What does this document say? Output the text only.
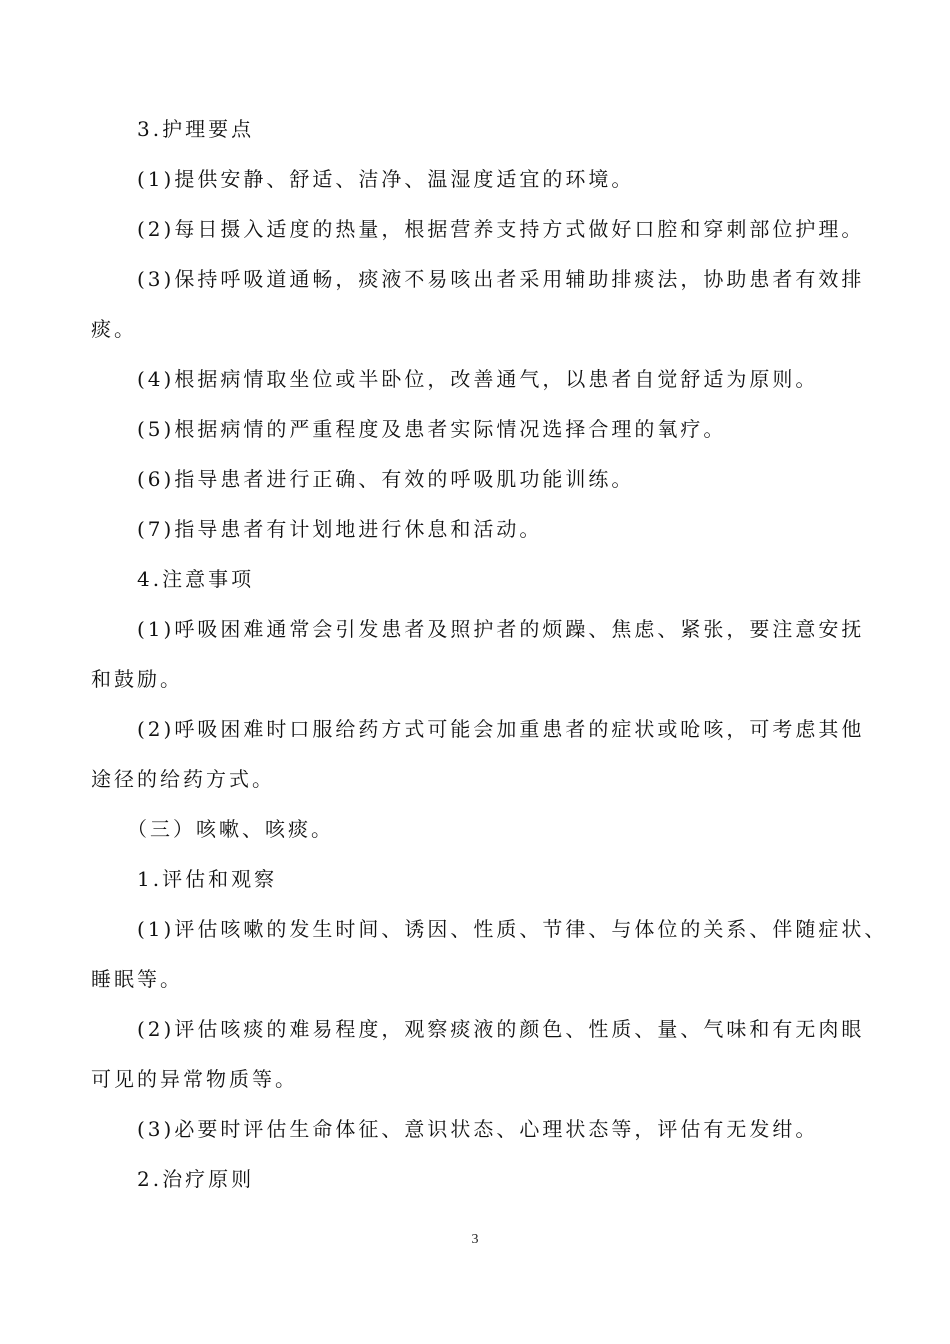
3.护理要点
(1)提供安静、舒适、洁净、温湿度适宜的环境。
(2)每日摄入适度的热量，根据营养支持方式做好口腔和穿刺部位护理。
(3)保持呼吸道通畅，痰液不易咳出者采用辅助排痰法，协助患者有效排
痰。
(4)根据病情取坐位或半卧位，改善通气，以患者自觉舒适为原则。
(5)根据病情的严重程度及患者实际情况选择合理的氧疗。
(6)指导患者进行正确、有效的呼吸肌功能训练。
(7)指导患者有计划地进行休息和活动。
4.注意事项
(1)呼吸困难通常会引发患者及照护者的烦躁、焦虑、紧张，要注意安抚
和鼓励。
(2)呼吸困难时口服给药方式可能会加重患者的症状或呛咳，可考虑其他
途径的给药方式。
（三）咳嗽、咳痰。
1.评估和观察
(1)评估咳嗽的发生时间、诱因、性质、节律、与体位的关系、伴随症状、
睡眠等。
(2)评估咳痰的难易程度，观察痰液的颜色、性质、量、气味和有无肉眼
可见的异常物质等。
(3)必要时评估生命体征、意识状态、心理状态等，评估有无发绀。
2.治疗原则
3
